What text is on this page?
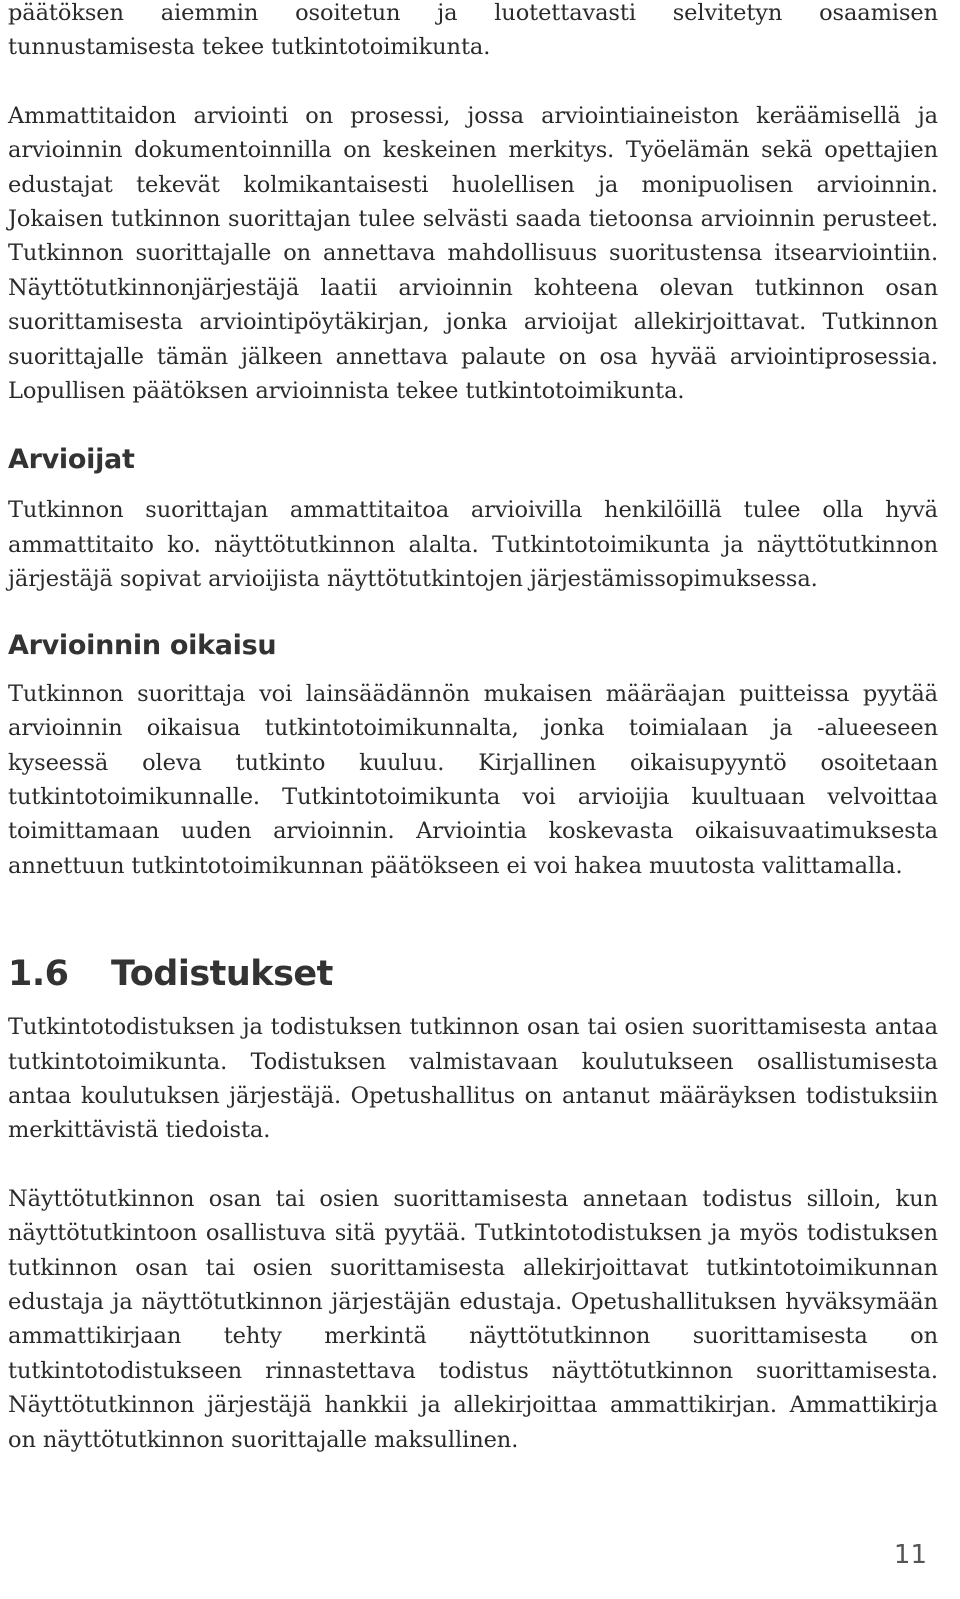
päätöksen aiemmin osoitetun ja luotettavasti selvitetyn osaamisen tunnustamisesta tekee tutkintotoimikunta.

Ammattitaidon arviointi on prosessi, jossa arviointiaineiston keräämisellä ja arvioinnin dokumentoinnilla on keskeinen merkitys. Työelämän sekä opettajien edustajat tekevät kolmikantaisesti huolellisen ja monipuolisen arvioinnin. Jokaisen tutkinnon suorittajan tulee selvästi saada tietoonsa arvioinnin perusteet. Tutkinnon suorittajalle on annettava mahdollisuus suoritustensa itsearviointiin. Näyttötutkinnonjärjestäjä laatii arvioinnin kohteena olevan tutkinnon osan suorittamisesta arviointipöytäkirjan, jonka arvioijat allekirjoittavat. Tutkinnon suorittajalle tämän jälkeen annettava palaute on osa hyvää arviointiprosessia. Lopullisen päätöksen arvioinnista tekee tutkintotoimikunta.

Arvioijat

Tutkinnon suorittajan ammattitaitoa arvioivilla henkilöillä tulee olla hyvä ammattitaito ko. näyttötutkinnon alalta. Tutkintotoimikunta ja näyttötutkinnon järjestäjä sopivat arvioijista näyttötutkintojen järjestämissopimuksessa.

Arvioinnin oikaisu

Tutkinnon suorittaja voi lainsäädännön mukaisen määräajan puitteissa pyytää arvioinnin oikaisua tutkintotoimikunnalta, jonka toimialaan ja -alueeseen kyseessä oleva tutkinto kuuluu. Kirjallinen oikaisupyyntö osoitetaan tutkintotoimikunnalle. Tutkintotoimikunta voi arvioijia kuultuaan velvoittaa toimittamaan uuden arvioinnin. Arviointia koskevasta oikaisuvaatimuksesta annettuun tutkintotoimikunnan päätökseen ei voi hakea muutosta valittamalla.

1.6 Todistukset

Tutkintotodistuksen ja todistuksen tutkinnon osan tai osien suorittamisesta antaa tutkintotoimikunta. Todistuksen valmistavaan koulutukseen osallistumisesta antaa koulutuksen järjestäjä. Opetushallitus on antanut määräyksen todistuksiin merkittävistä tiedoista.

Näyttötutkinnon osan tai osien suorittamisesta annetaan todistus silloin, kun näyttötutkintoon osallistuva sitä pyytää. Tutkintotodistuksen ja myös todistuksen tutkinnon osan tai osien suorittamisesta allekirjoittavat tutkintotoimikunnan edustaja ja näyttötutkinnon järjestäjän edustaja. Opetushallituksen hyväksymään ammattikirjaan tehty merkintä näyttötutkinnon suorittamisesta on tutkintotodistukseen rinnastettava todistus näyttötutkinnon suorittamisesta. Näyttötutkinnon järjestäjä hankkii ja allekirjoittaa ammattikirjan. Ammattikirja on näyttötutkinnon suorittajalle maksullinen.

11
